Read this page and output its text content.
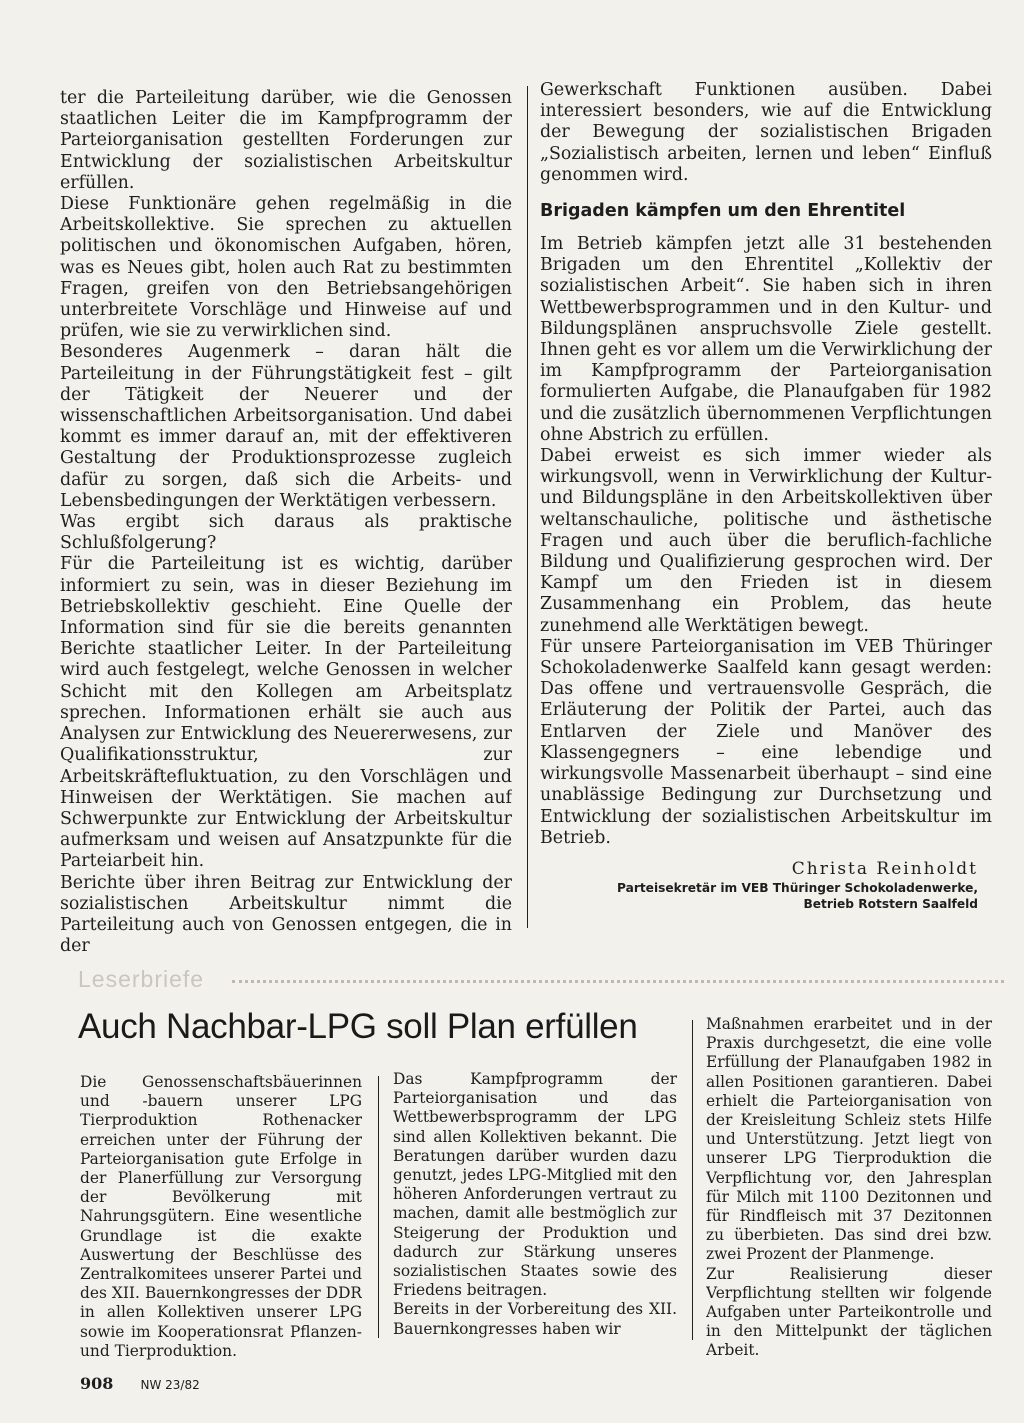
ter die Parteileitung darüber, wie die Genossen staatlichen Leiter die im Kampfprogramm der Parteiorganisation gestellten Forderungen zur Entwicklung der sozialistischen Arbeitskultur erfüllen.

Diese Funktionäre gehen regelmäßig in die Arbeitskollektive. Sie sprechen zu aktuellen politischen und ökonomischen Aufgaben, hören, was es Neues gibt, holen auch Rat zu bestimmten Fragen, greifen von den Betriebsangehörigen unterbreitete Vorschläge und Hinweise auf und prüfen, wie sie zu verwirklichen sind.

Besonderes Augenmerk – daran hält die Parteileitung in der Führungstätigkeit fest – gilt der Tätigkeit der Neuerer und der wissenschaftlichen Arbeitsorganisation. Und dabei kommt es immer darauf an, mit der effektiveren Gestaltung der Produktionsprozesse zugleich dafür zu sorgen, daß sich die Arbeits- und Lebensbedingungen der Werktätigen verbessern.

Was ergibt sich daraus als praktische Schlußfolgerung?

Für die Parteileitung ist es wichtig, darüber informiert zu sein, was in dieser Beziehung im Betriebskollektiv geschieht. Eine Quelle der Information sind für sie die bereits genannten Berichte staatlicher Leiter. In der Parteileitung wird auch festgelegt, welche Genossen in welcher Schicht mit den Kollegen am Arbeitsplatz sprechen. Informationen erhält sie auch aus Analysen zur Entwicklung des Neuererwesens, zur Qualifikationsstruktur, zur Arbeitskräftefluktuation, zu den Vorschlägen und Hinweisen der Werktätigen. Sie machen auf Schwerpunkte zur Entwicklung der Arbeitskultur aufmerksam und weisen auf Ansatzpunkte für die Parteiarbeit hin.

Berichte über ihren Beitrag zur Entwicklung der sozialistischen Arbeitskultur nimmt die Parteileitung auch von Genossen entgegen, die in der

Gewerkschaft Funktionen ausüben. Dabei interessiert besonders, wie auf die Entwicklung der Bewegung der sozialistischen Brigaden „Sozialistisch arbeiten, lernen und leben“ Einfluß genommen wird.

Brigaden kämpfen um den Ehrentitel

Im Betrieb kämpfen jetzt alle 31 bestehenden Brigaden um den Ehrentitel „Kollektiv der sozialistischen Arbeit“. Sie haben sich in ihren Wettbewerbsprogrammen und in den Kultur- und Bildungsplänen anspruchsvolle Ziele gestellt. Ihnen geht es vor allem um die Verwirklichung der im Kampfprogramm der Parteiorganisation formulierten Aufgabe, die Planaufgaben für 1982 und die zusätzlich übernommenen Verpflichtungen ohne Abstrich zu erfüllen.

Dabei erweist es sich immer wieder als wirkungsvoll, wenn in Verwirklichung der Kultur- und Bildungspläne in den Arbeitskollektiven über weltanschauliche, politische und ästhetische Fragen und auch über die beruflich-fachliche Bildung und Qualifizierung gesprochen wird. Der Kampf um den Frieden ist in diesem Zusammenhang ein Problem, das heute zunehmend alle Werktätigen bewegt.

Für unsere Parteiorganisation im VEB Thüringer Schokoladenwerke Saalfeld kann gesagt werden: Das offene und vertrauensvolle Gespräch, die Erläuterung der Politik der Partei, auch das Entlarven der Ziele und Manöver des Klassengegners – eine lebendige und wirkungsvolle Massenarbeit überhaupt – sind eine unablässige Bedingung zur Durchsetzung und Entwicklung der sozialistischen Arbeitskultur im Betrieb.

Christa Reinholdt
Parteisekretär im VEB Thüringer Schokoladenwerke,
Betrieb Rotstern Saalfeld
Leserbriefe
Auch Nachbar-LPG soll Plan erfüllen

Die Genossenschaftsbäuerinnen und -bauern unserer LPG Tierproduktion Rothenacker erreichen unter der Führung der Parteiorganisation gute Erfolge in der Planerfüllung zur Versorgung der Bevölkerung mit Nahrungsgütern. Eine wesentliche Grundlage ist die exakte Auswertung der Beschlüsse des Zentralkomitees unserer Partei und des XII. Bauernkongresses der DDR in allen Kollektiven unserer LPG sowie im Kooperationsrat Pflanzen- und Tierproduktion.

Das Kampfprogramm der Parteiorganisation und das Wettbewerbsprogramm der LPG sind allen Kollektiven bekannt. Die Beratungen darüber wurden dazu genutzt, jedes LPG-Mitglied mit den höheren Anforderungen vertraut zu machen, damit alle bestmöglich zur Steigerung der Produktion und dadurch zur Stärkung unseres sozialistischen Staates sowie des Friedens beitragen.

Bereits in der Vorbereitung des XII. Bauernkongresses haben wir

Maßnahmen erarbeitet und in der Praxis durchgesetzt, die eine volle Erfüllung der Planaufgaben 1982 in allen Positionen garantieren. Dabei erhielt die Parteiorganisation von der Kreisleitung Schleiz stets Hilfe und Unterstützung. Jetzt liegt von unserer LPG Tierproduktion die Verpflichtung vor, den Jahresplan für Milch mit 1100 Dezitonnen und für Rindfleisch mit 37 Dezitonnen zu überbieten. Das sind drei bzw. zwei Prozent der Planmenge.

Zur Realisierung dieser Verpflichtung stellten wir folgende Aufgaben unter Parteikontrolle und in den Mittelpunkt der täglichen Arbeit.

908 NW 23/82
